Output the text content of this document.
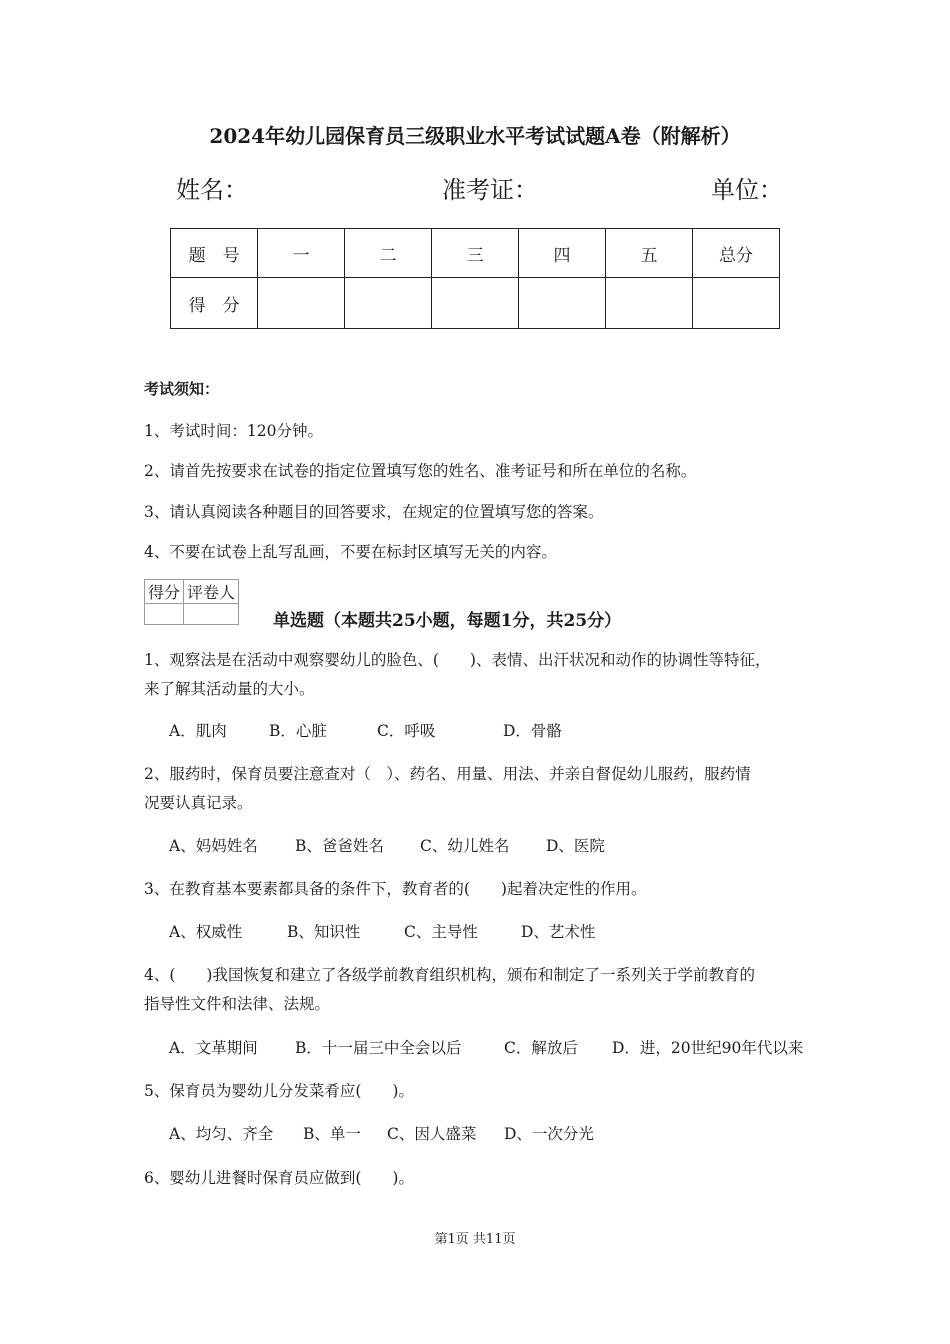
2024年幼儿园保育员三级职业水平考试试题A卷（附解析）
姓名：	准考证：	单位：
题　号	一	二	三	四	五	总分
得　分						
考试须知：
1、考试时间：120分钟。
2、请首先按要求在试卷的指定位置填写您的姓名、准考证号和所在单位的名称。
3、请认真阅读各种题目的回答要求，在规定的位置填写您的答案。
4、不要在试卷上乱写乱画，不要在标封区填写无关的内容。
得分	评卷人

单选题（本题共25小题，每题1分，共25分）
1、观察法是在活动中观察婴幼儿的脸色、(　　)、表情、出汗状况和动作的协调性等特征，
来了解其活动量的大小。
A．肌肉	B．心脏	C．呼吸	D．骨骼
2、服药时，保育员要注意查对（　）、药名、用量、用法、并亲自督促幼儿服药，服药情
况要认真记录。
A、妈妈姓名 B、爸爸姓名 C、幼儿姓名 D、医院
3、在教育基本要素都具备的条件下，教育者的(　　)起着决定性的作用。
A、权威性	B、知识性	C、主导性	D、艺术性
4、(　　)我国恢复和建立了各级学前教育组织机构，颁布和制定了一系列关于学前教育的
指导性文件和法律、法规。
A．文革期间 B．十一届三中全会以后	C．解放后 D．进，20世纪90年代以来
5、保育员为婴幼儿分发菜肴应(　　)。
A、均匀、齐全 B、单一 C、因人盛菜 D、一次分光
6、婴幼儿进餐时保育员应做到(　　)。
第1页 共11页
